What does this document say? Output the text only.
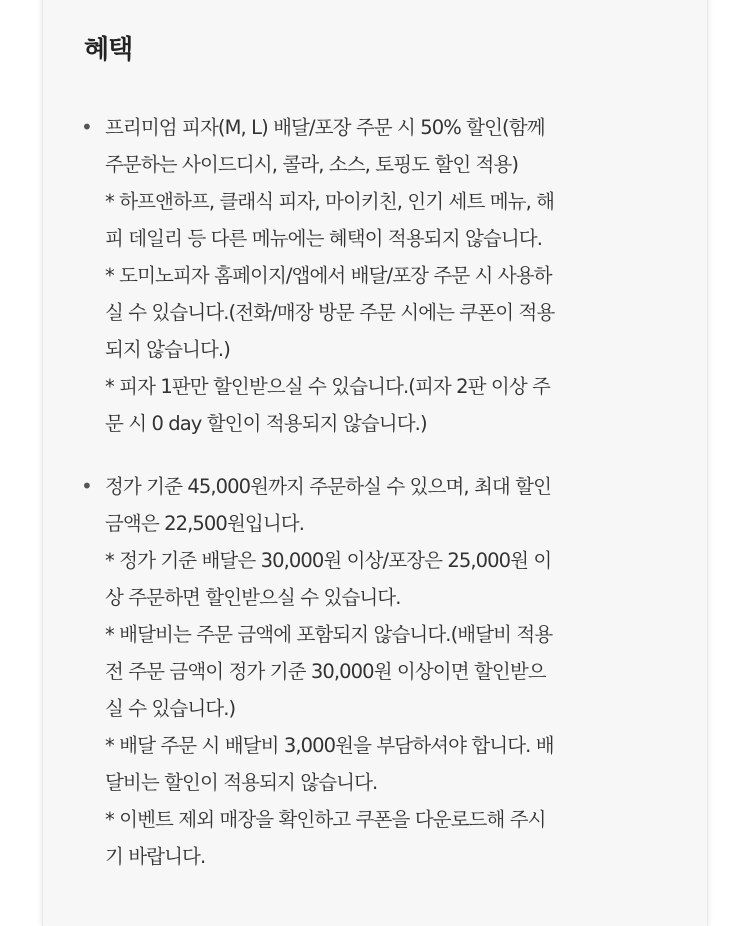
혜택
• 프리미엄 피자(M, L) 배달/포장 주문 시 50% 할인(함께
주문하는 사이드디시, 콜라, 소스, 토핑도 할인 적용)
* 하프앤하프, 클래식 피자, 마이키친, 인기 세트 메뉴, 해
피 데일리 등 다른 메뉴에는 혜택이 적용되지 않습니다.
* 도미노피자 홈페이지/앱에서 배달/포장 주문 시 사용하
실 수 있습니다.(전화/매장 방문 주문 시에는 쿠폰이 적용
되지 않습니다.)
* 피자 1판만 할인받으실 수 있습니다.(피자 2판 이상 주
문 시 0 day 할인이 적용되지 않습니다.)
• 정가 기준 45,000원까지 주문하실 수 있으며, 최대 할인
금액은 22,500원입니다.
* 정가 기준 배달은 30,000원 이상/포장은 25,000원 이
상 주문하면 할인받으실 수 있습니다.
* 배달비는 주문 금액에 포함되지 않습니다.(배달비 적용
전 주문 금액이 정가 기준 30,000원 이상이면 할인받으
실 수 있습니다.)
* 배달 주문 시 배달비 3,000원을 부담하셔야 합니다. 배
달비는 할인이 적용되지 않습니다.
* 이벤트 제외 매장을 확인하고 쿠폰을 다운로드해 주시
기 바랍니다.
